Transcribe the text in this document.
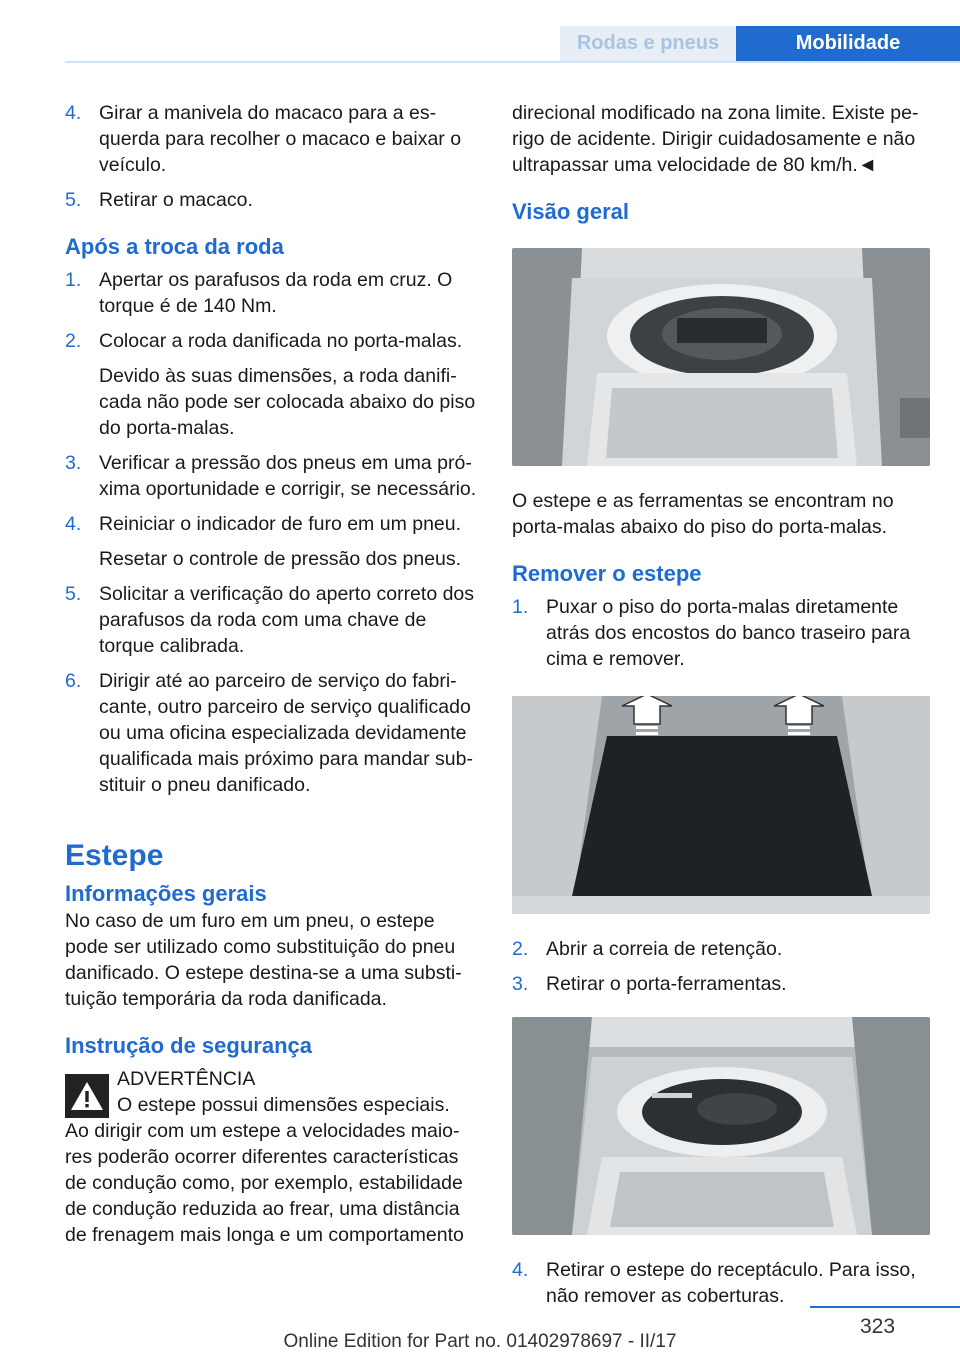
Rodas e pneus	Mobilidade
4. Girar a manivela do macaco para a esquerda para recolher o macaco e baixar o veículo.

5. Retirar o macaco.

Após a troca da roda
1. Apertar os parafusos da roda em cruz. O torque é de 140 Nm.

2. Colocar a roda danificada no porta-malas.

Devido às suas dimensões, a roda danificada não pode ser colocada abaixo do piso do porta-malas.

3. Verificar a pressão dos pneus em uma próxima oportunidade e corrigir, se necessário.

4. Reiniciar o indicador de furo em um pneu.

Resetar o controle de pressão dos pneus.

5. Solicitar a verificação do aperto correto dos parafusos da roda com uma chave de torque calibrada.

6. Dirigir até ao parceiro de serviço do fabricante, outro parceiro de serviço qualificado ou uma oficina especializada devidamente qualificada mais próximo para mandar substituir o pneu danificado.

Estepe
Informações gerais

No caso de um furo em um pneu, o estepe pode ser utilizado como substituição do pneu danificado. O estepe destina-se a uma substituição temporária da roda danificada.

Instrução de segurança
ADVERTÊNCIA
O estepe possui dimensões especiais.

Ao dirigir com um estepe a velocidades maiores poderão ocorrer diferentes características de condução como, por exemplo, estabilidade de condução reduzida ao frear, uma distância de frenagem mais longa e um comportamento

direcional modificado na zona limite. Existe perigo de acidente. Dirigir cuidadosamente e não ultrapassar uma velocidade de 80 km/h.◄

Visão geral

O estepe e as ferramentas se encontram no porta-malas abaixo do piso do porta-malas.

Remover o estepe
1. Puxar o piso do porta-malas diretamente atrás dos encostos do banco traseiro para cima e remover.

2. Abrir a correia de retenção.

3. Retirar o porta-ferramentas.

4. Retirar o estepe do receptáculo. Para isso, não remover as coberturas.

323
Online Edition for Part no. 01402978697 - II/17
